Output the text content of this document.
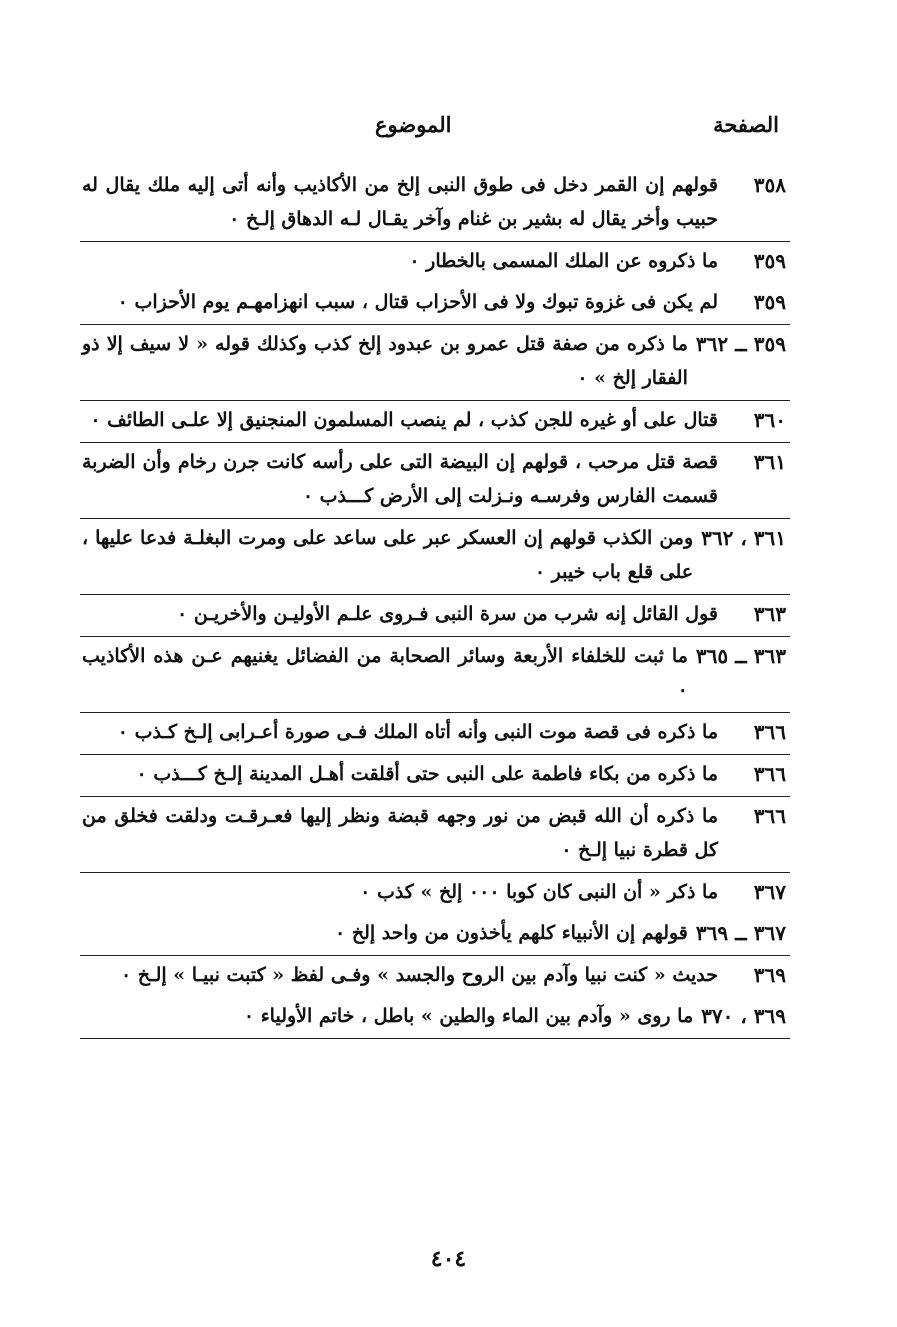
الصفحة
الموضوع
٣٥٨
قولهم إن القمر دخل فى طوق النبى إلخ من الأكاذيب وأنه أتى إليه ملك يقال له حبيب وأخر يقال له بشير بن غنام وآخر يقـال لـه الدهاق إلـخ ٠
٣٥٩
ما ذكروه عن الملك المسمى بالخطار ٠
٣٥٩
لم يكن فى غزوة تبوك ولا فى الأحزاب قتال ، سبب انهزامهـم يوم الأحزاب ٠
٣٥٩ ــ ٣٦٢
ما ذكره من صفة قتل عمرو بن عبدود إلخ كذب وكذلك قوله « لا سيف إلا ذو الفقار إلخ » ٠
٣٦٠
قتال على أو غيره للجن كذب ، لم ينصب المسلمون المنجنيق إلا علـى الطائف ٠
٣٦١
قصة قتل مرحب ، قولهم إن البيضة التى على رأسه كانت جرن رخام وأن الضربة قسمت الفارس وفرسـه ونـزلت إلى الأرض كـــذب ٠
٣٦١ ، ٣٦٢
ومن الكذب قولهم إن العسكر عبر على ساعد على ومرت البغلـة فدعا عليها ، على قلع باب خيبر ٠
٣٦٣
قول القائل إنه شرب من سرة النبى فـروى علـم الأوليـن والأخريـن ٠
٣٦٣ ــ ٣٦٥
ما ثبت للخلفاء الأربعة وسائر الصحابة من الفضائل يغنيهم عـن هذه الأكاذيب ٠
٣٦٦
ما ذكره فى قصة موت النبى وأنه أتاه الملك فـى صورة أعـرابى إلـخ كـذب ٠
٣٦٦
ما ذكره من بكاء فاطمة على النبى حتى أقلقت أهـل المدينة إلـخ كـــذب ٠
٣٦٦
ما ذكره أن الله قبض من نور وجهه قبضة ونظر إليها فعـرقـت ودلقت فخلق من كل قطرة نبيا إلـخ ٠
٣٦٧
ما ذكر « أن النبى كان كوبا ٠٠٠ إلخ » كذب ٠
٣٦٧ ــ ٣٦٩
قولهم إن الأنبياء كلهم يأخذون من واحد إلخ ٠
٣٦٩
حديث « كنت نبيا وآدم بين الروح والجسد » وفـى لفظ « كتبت نبيـا » إلـخ ٠
٣٦٩ ، ٣٧٠
ما روى « وآدم بين الماء والطين » باطل ، خاتم الأولياء ٠
٤٠٤
